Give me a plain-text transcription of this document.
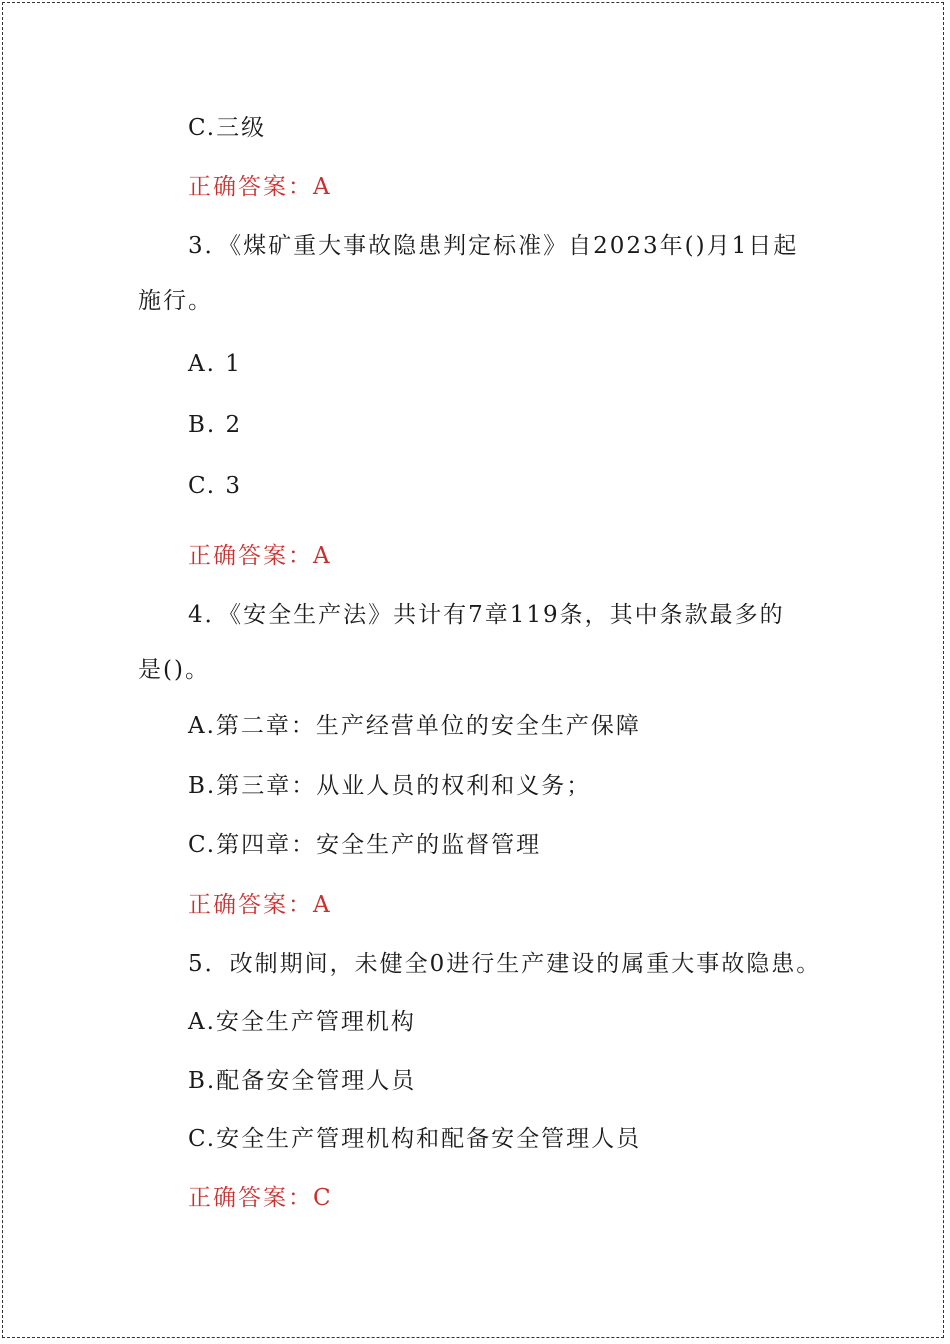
C.三级
正确答案：A
3．《煤矿重大事故隐患判定标准》自2023年()月1日起
施行。
A. 1
B. 2
C. 3
正确答案：A
4．《安全生产法》共计有7章119条，其中条款最多的
是()。
A.第二章：生产经营单位的安全生产保障
B.第三章：从业人员的权利和义务；
C.第四章：安全生产的监督管理
正确答案：A
5．改制期间，未健全0进行生产建设的属重大事故隐患。
A.安全生产管理机构
B.配备安全管理人员
C.安全生产管理机构和配备安全管理人员
正确答案：C
